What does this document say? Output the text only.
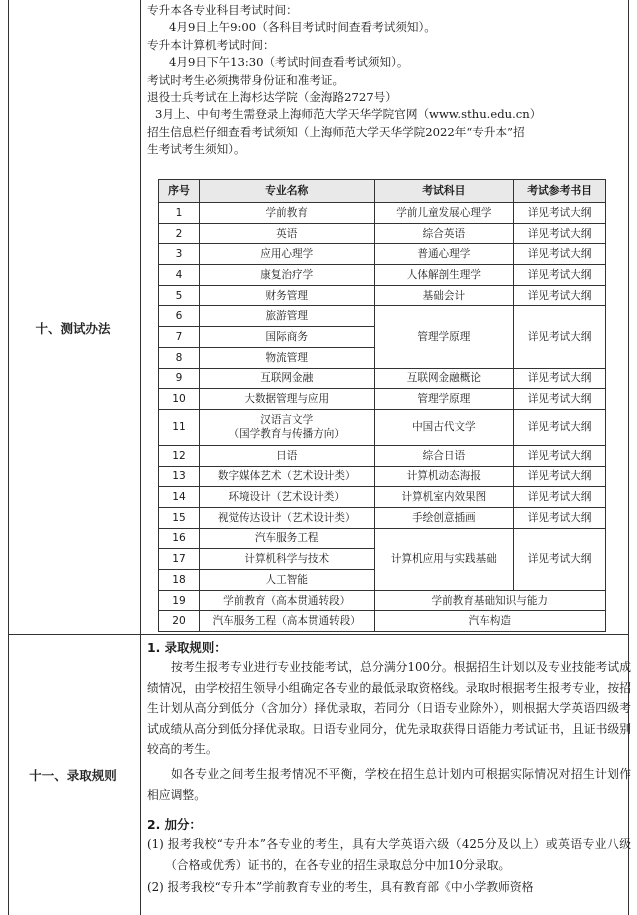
十、测试办法
专升本各专业科目考试时间：
4月9日上午9:00（各科目考试时间查看考试须知）。
专升本计算机考试时间：
4月9日下午13:30（考试时间查看考试须知）。
考试时考生必须携带身份证和准考证。
退役士兵考试在上海杉达学院（金海路2727号）
3月上、中旬考生需登录上海师范大学天华学院官网（www.sthu.edu.cn）
招生信息栏仔细查看考试须知（上海师范大学天华学院2022年“专升本”招
生考试考生须知）。
序号	专业名称	考试科目	考试参考书目
1	学前教育	学前儿童发展心理学	详见考试大纲
2	英语	综合英语	详见考试大纲
3	应用心理学	普通心理学	详见考试大纲
4	康复治疗学	人体解剖生理学	详见考试大纲
5	财务管理	基础会计	详见考试大纲
6	旅游管理	管理学原理	详见考试大纲
7	国际商务		
8	物流管理		
9	互联网金融	互联网金融概论	详见考试大纲
10	大数据管理与应用	管理学原理	详见考试大纲
11	汉语言文学
（国学教育与传播方向）	中国古代文学	详见考试大纲
12	日语	综合日语	详见考试大纲
13	数字媒体艺术（艺术设计类）	计算机动态海报	详见考试大纲
14	环境设计（艺术设计类）	计算机室内效果图	详见考试大纲
15	视觉传达设计（艺术设计类）	手绘创意插画	详见考试大纲
16	汽车服务工程	计算机应用与实践基础	详见考试大纲
17	计算机科学与技术		
18	人工智能		
19	学前教育（高本贯通转段）	学前教育基础知识与能力	
20	汽车服务工程（高本贯通转段）	汽车构造	
十一、录取规则
1. 录取规则：

按考生报考专业进行专业技能考试，总分满分100分。根据招生计划以及专业技能考试成绩情况，由学校招生领导小组确定各专业的最低录取资格线。录取时根据考生报考专业，按招生计划从高分到低分（含加分）择优录取，若同分（日语专业除外），则根据大学英语四级考试成绩从高分到低分择优录取。日语专业同分，优先录取获得日语能力考试证书，且证书级别较高的考生。

如各专业之间考生报考情况不平衡，学校在招生总计划内可根据实际情况对招生计划作相应调整。

2. 加分：

(1) 报考我校“专升本”各专业的考生，具有大学英语六级（425分及以上）或英语专业八级（合格或优秀）证书的，在各专业的招生录取总分中加10分录取。

(2) 报考我校“专升本”学前教育专业的考生，具有教育部《中小学教师资格
